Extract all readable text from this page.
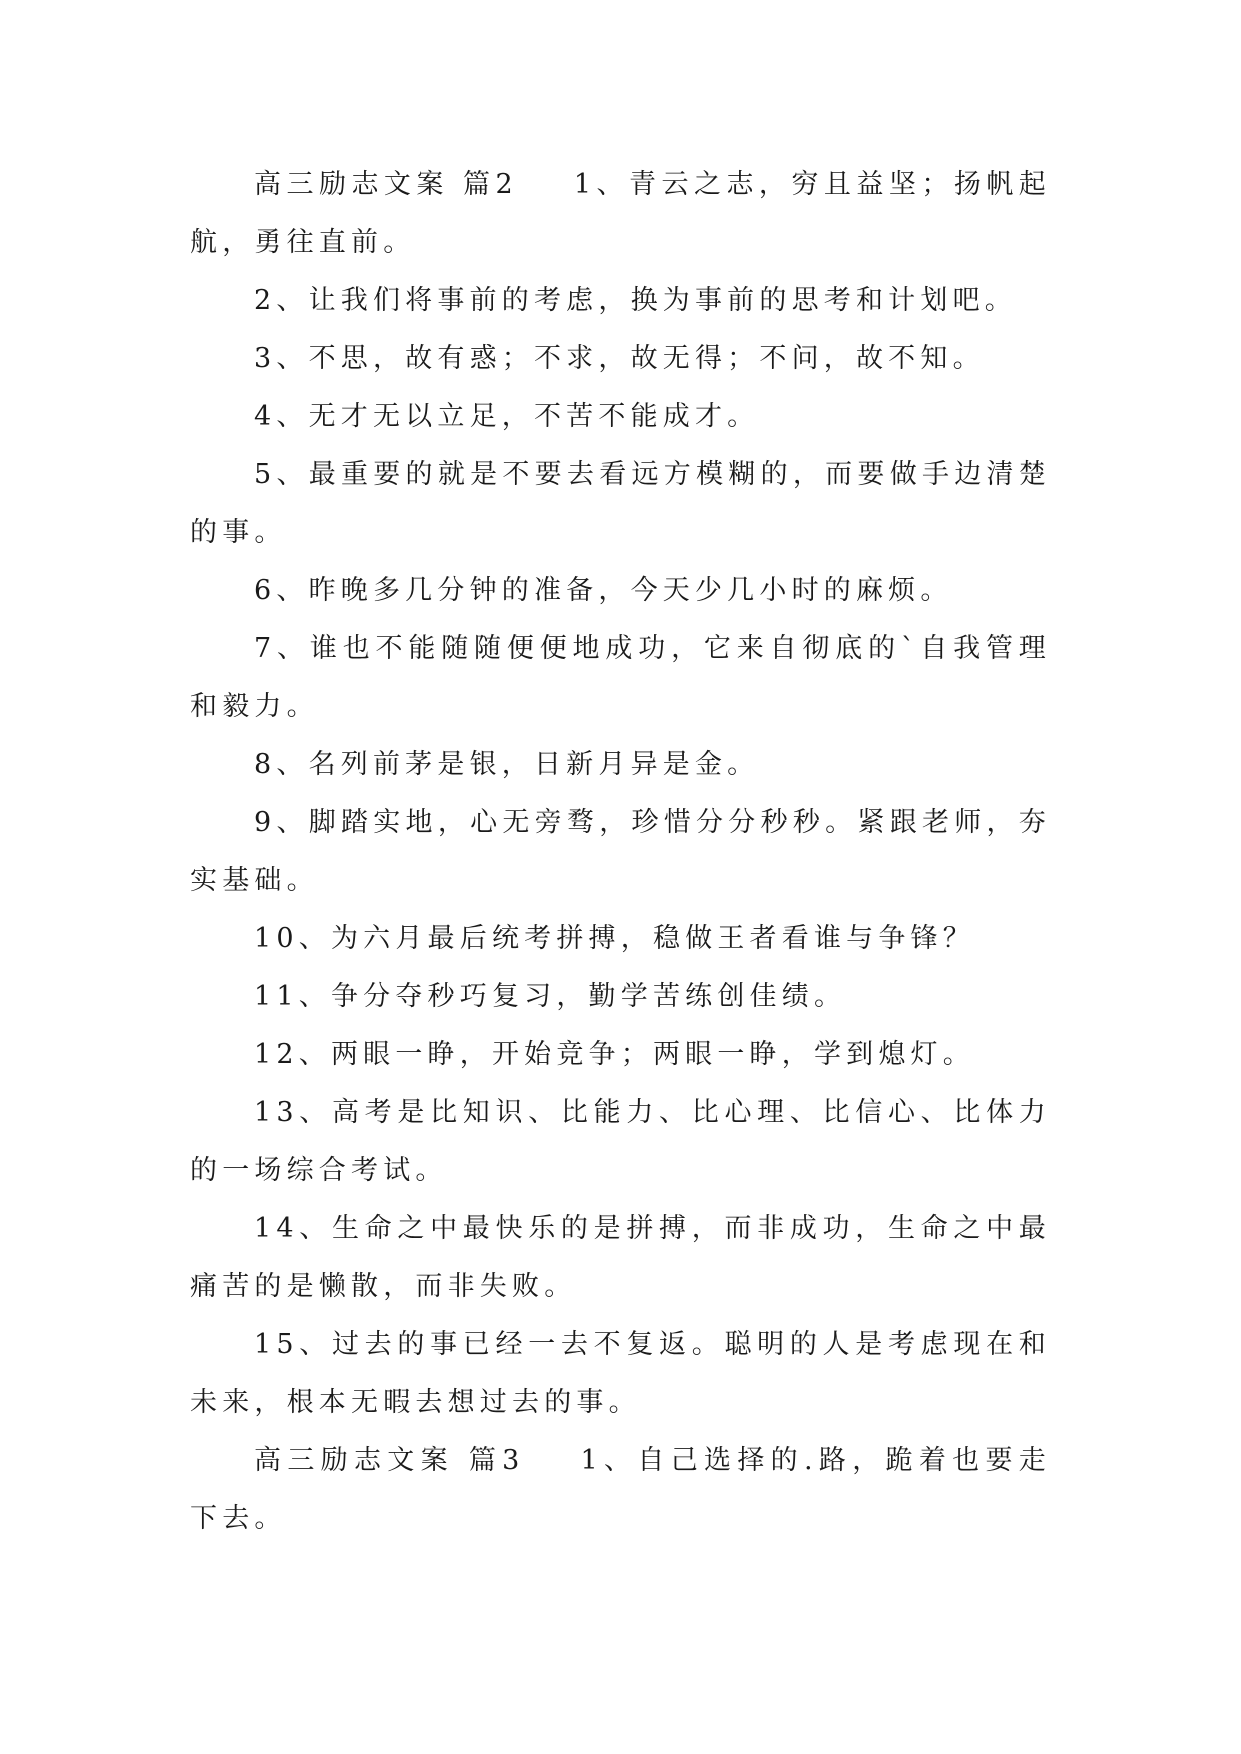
高三励志文案 篇2 1、青云之志，穷且益坚；扬帆起航，勇往直前。

2、让我们将事前的考虑，换为事前的思考和计划吧。

3、不思，故有惑；不求，故无得；不问，故不知。

4、无才无以立足，不苦不能成才。

5、最重要的就是不要去看远方模糊的，而要做手边清楚的事。

6、昨晚多几分钟的准备，今天少几小时的麻烦。

7、谁也不能随随便便地成功，它来自彻底的`自我管理和毅力。

8、名列前茅是银，日新月异是金。

9、脚踏实地，心无旁骛，珍惜分分秒秒。紧跟老师，夯实基础。

10、为六月最后统考拼搏，稳做王者看谁与争锋？

11、争分夺秒巧复习，勤学苦练创佳绩。

12、两眼一睁，开始竞争；两眼一睁，学到熄灯。

13、高考是比知识、比能力、比心理、比信心、比体力的一场综合考试。

14、生命之中最快乐的是拼搏，而非成功，生命之中最痛苦的是懒散，而非失败。

15、过去的事已经一去不复返。聪明的人是考虑现在和未来，根本无暇去想过去的事。

高三励志文案 篇3 1、自己选择的.路，跪着也要走下去。
